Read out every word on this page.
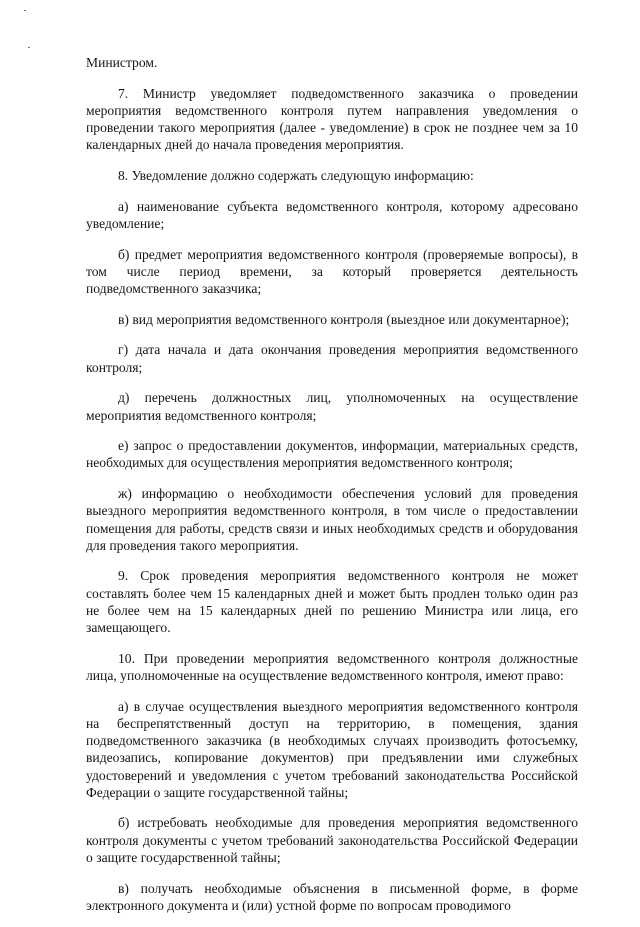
Министром.

7. Министр уведомляет подведомственного заказчика о проведении мероприятия ведомственного контроля путем направления уведомления о проведении такого мероприятия (далее - уведомление) в срок не позднее чем за 10 календарных дней до начала проведения мероприятия.

8. Уведомление должно содержать следующую информацию:

а) наименование субъекта ведомственного контроля, которому адресовано уведомление;

б) предмет мероприятия ведомственного контроля (проверяемые вопросы), в том числе период времени, за который проверяется деятельность подведомственного заказчика;

в) вид мероприятия ведомственного контроля (выездное или документарное);

г) дата начала и дата окончания проведения мероприятия ведомственного контроля;

д) перечень должностных лиц, уполномоченных на осуществление мероприятия ведомственного контроля;

е) запрос о предоставлении документов, информации, материальных средств, необходимых для осуществления мероприятия ведомственного контроля;

ж) информацию о необходимости обеспечения условий для проведения выездного мероприятия ведомственного контроля, в том числе о предоставлении помещения для работы, средств связи и иных необходимых средств и оборудования для проведения такого мероприятия.

9. Срок проведения мероприятия ведомственного контроля не может составлять более чем 15 календарных дней и может быть продлен только один раз не более чем на 15 календарных дней по решению Министра или лица, его замещающего.

10. При проведении мероприятия ведомственного контроля должностные лица, уполномоченные на осуществление ведомственного контроля, имеют право:

а) в случае осуществления выездного мероприятия ведомственного контроля на беспрепятственный доступ на территорию, в помещения, здания подведомственного заказчика (в необходимых случаях производить фотосъемку, видеозапись, копирование документов) при предъявлении ими служебных удостоверений и уведомления с учетом требований законодательства Российской Федерации о защите государственной тайны;

б) истребовать необходимые для проведения мероприятия ведомственного контроля документы с учетом требований законодательства Российской Федерации о защите государственной тайны;

в) получать необходимые объяснения в письменной форме, в форме электронного документа и (или) устной форме по вопросам проводимого
